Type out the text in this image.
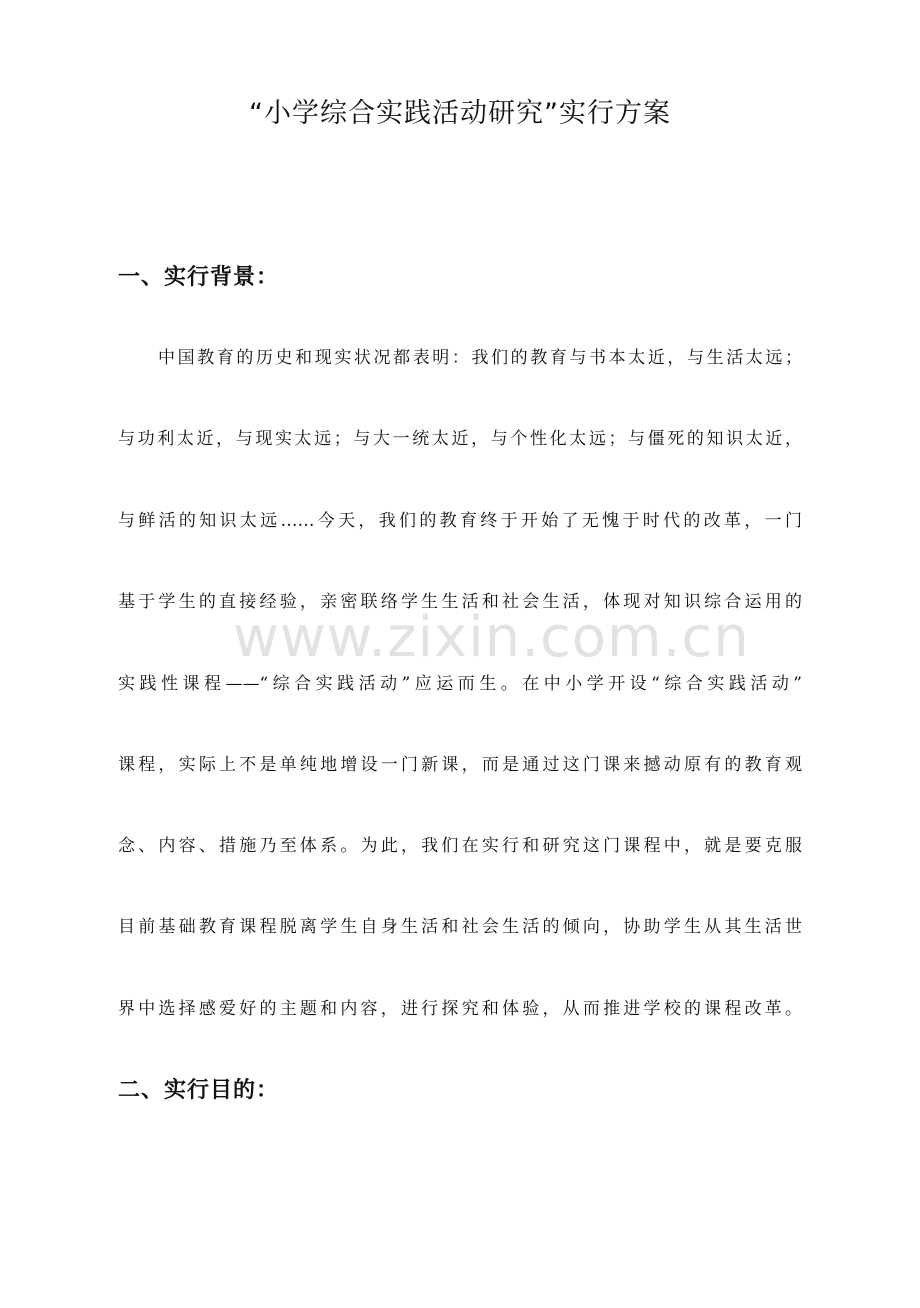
“小学综合实践活动研究”实行方案
一、实行背景：

中国教育的历史和现实状况都表明：我们的教育与书本太近，与生活太远；

与功利太近，与现实太远；与大一统太近，与个性化太远；与僵死的知识太近，

与鲜活的知识太远……今天，我们的教育终于开始了无愧于时代的改革，一门

基于学生的直接经验，亲密联络学生生活和社会生活，体现对知识综合运用的

实践性课程——“综合实践活动”应运而生。在中小学开设“综合实践活动”

课程，实际上不是单纯地增设一门新课，而是通过这门课来撼动原有的教育观

念、内容、措施乃至体系。为此，我们在实行和研究这门课程中，就是要克服

目前基础教育课程脱离学生自身生活和社会生活的倾向，协助学生从其生活世

界中选择感爱好的主题和内容，进行探究和体验，从而推进学校的课程改革。

二、实行目的：
www.zixin.com.cn
